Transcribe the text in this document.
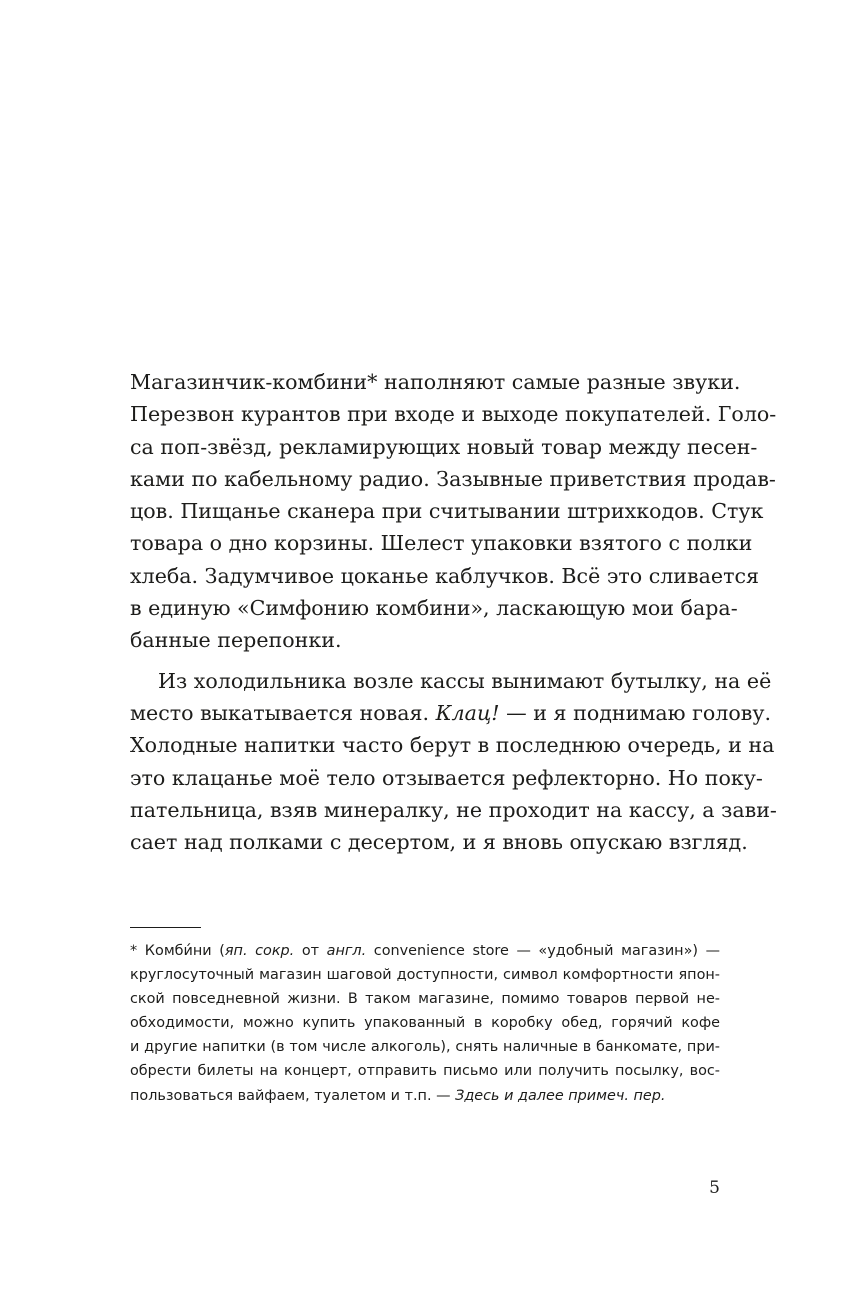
Магазинчик-комбини* наполняют самые разные звуки.
Перезвон курантов при входе и выходе покупателей. Голо-
са поп-звёзд, рекламирующих новый товар между песен-
ками по кабельному радио. Зазывные приветствия продав-
цов. Пищанье сканера при считывании штрихкодов. Стук
товара о дно корзины. Шелест упаковки взятого с полки
хлеба. Задумчивое цоканье каблучков. Всё это сливается
в единую «Симфонию комбини», ласкающую мои бара-
банные перепонки.
Из холодильника возле кассы вынимают бутылку, на её
место выкатывается новая. Клац! — и я поднимаю голову.
Холодные напитки часто берут в последнюю очередь, и на
это клацанье моё тело отзывается рефлекторно. Но поку-
пательница, взяв минералку, не проходит на кассу, а зави-
сает над полками с десертом, и я вновь опускаю взгляд.
* Комби́ни (яп. сокр. от англ. convenience store — «удобный магазин») —
круглосуточный магазин шаговой доступности, символ комфортности япон-
ской повседневной жизни. В таком магазине, помимо товаров первой не-
обходимости, можно купить упакованный в коробку обед, горячий кофе
и другие напитки (в том числе алкоголь), снять наличные в банкомате, при-
обрести билеты на концерт, отправить письмо или получить посылку, вос-
пользоваться вайфаем, туалетом и т.п. — Здесь и далее примеч. пер.
5
